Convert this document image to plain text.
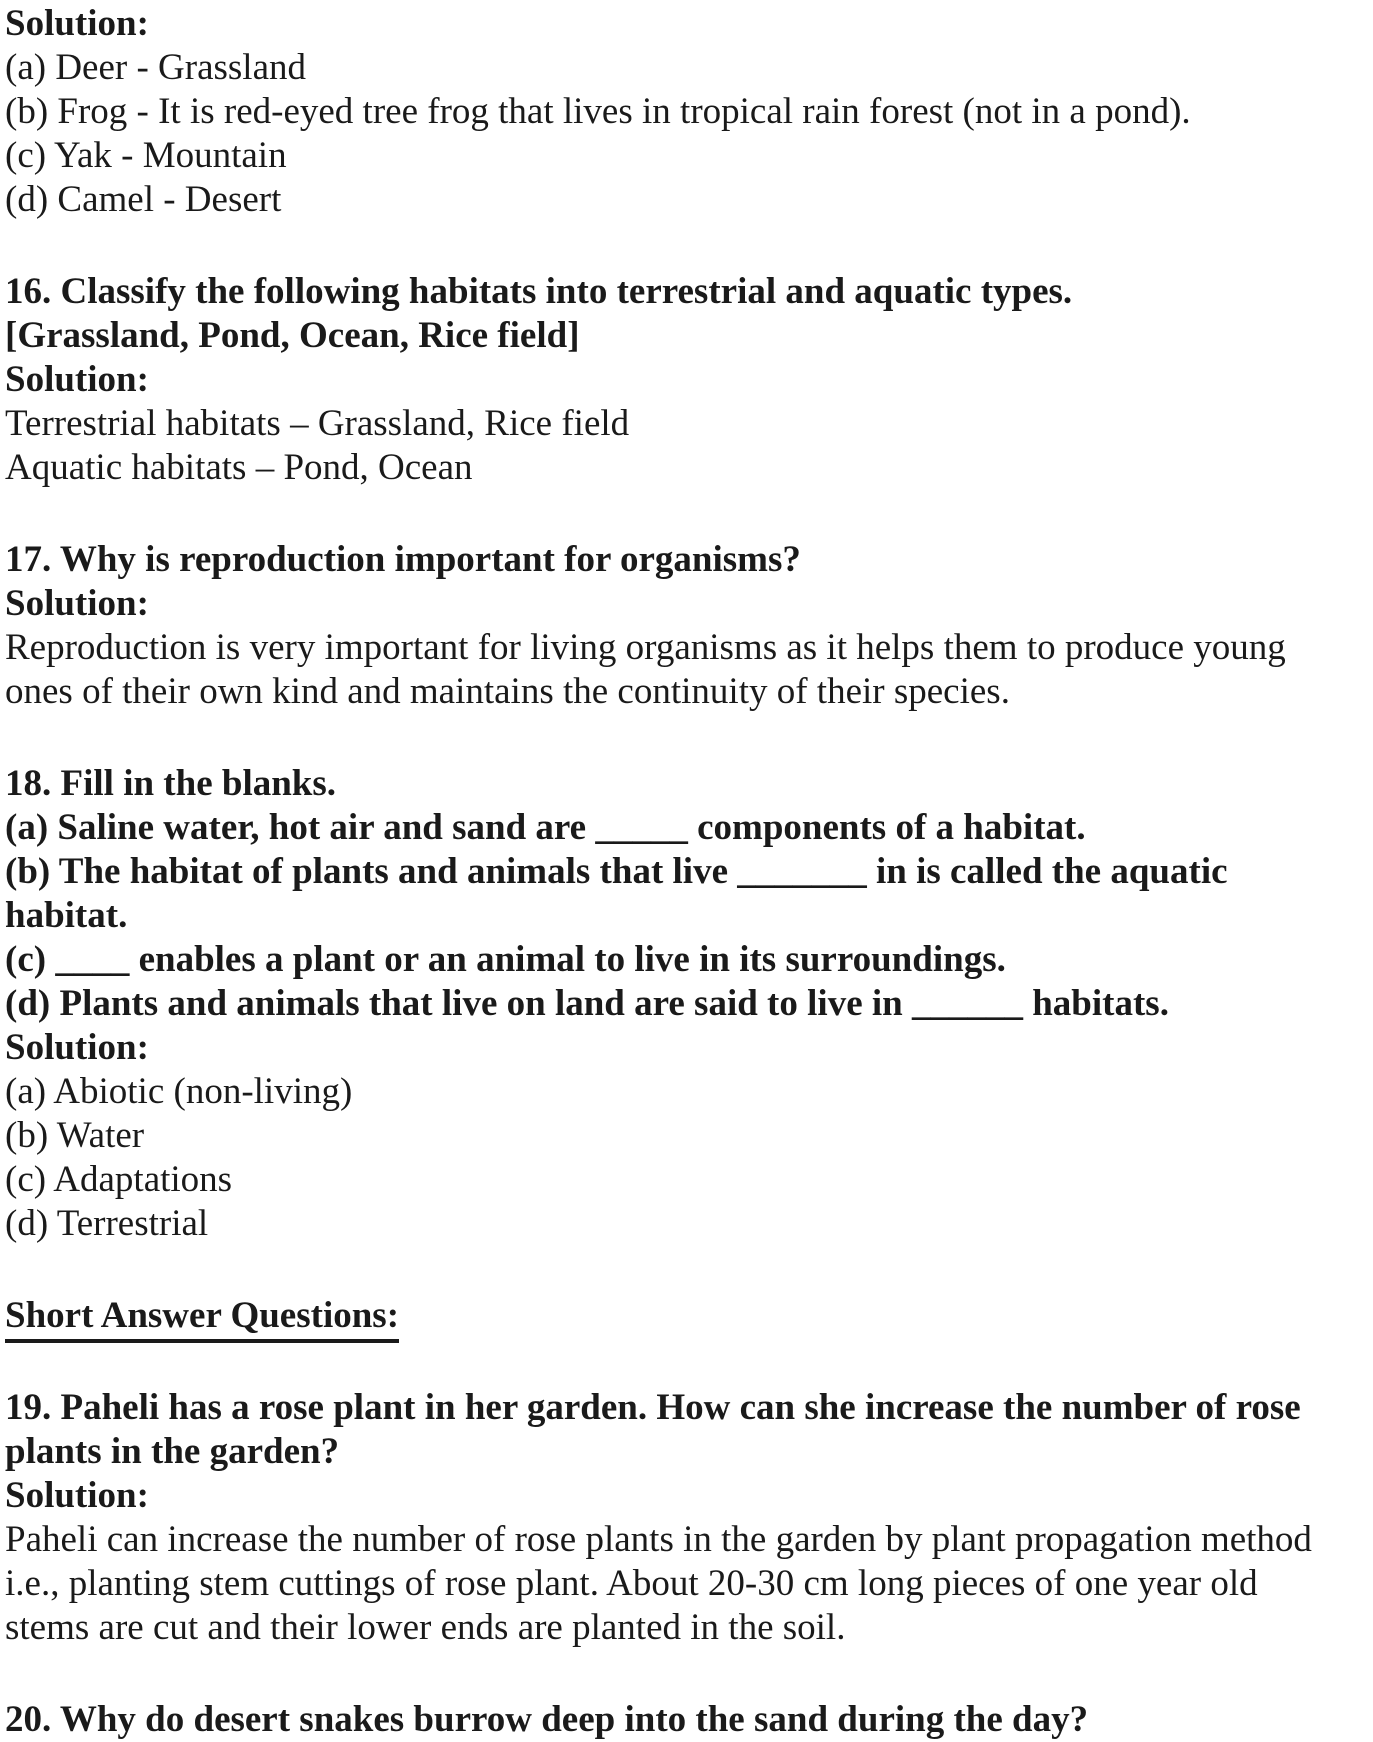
Solution:
(a) Deer - Grassland
(b) Frog - It is red-eyed tree frog that lives in tropical rain forest (not in a pond).
(c) Yak - Mountain
(d) Camel - Desert
16. Classify the following habitats into terrestrial and aquatic types.
[Grassland, Pond, Ocean, Rice field]
Solution:
Terrestrial habitats – Grassland, Rice field
Aquatic habitats – Pond, Ocean
17. Why is reproduction important for organisms?
Solution:
Reproduction is very important for living organisms as it helps them to produce young
ones of their own kind and maintains the continuity of their species.
18. Fill in the blanks.
(a) Saline water, hot air and sand are _____ components of a habitat.
(b) The habitat of plants and animals that live _______ in is called the aquatic
habitat.
(c) ____ enables a plant or an animal to live in its surroundings.
(d) Plants and animals that live on land are said to live in ______ habitats.
Solution:
(a) Abiotic (non-living)
(b) Water
(c) Adaptations
(d) Terrestrial
Short Answer Questions:
19. Paheli has a rose plant in her garden. How can she increase the number of rose
plants in the garden?
Solution:
Paheli can increase the number of rose plants in the garden by plant propagation method
i.e., planting stem cuttings of rose plant. About 20-30 cm long pieces of one year old
stems are cut and their lower ends are planted in the soil.
20. Why do desert snakes burrow deep into the sand during the day?
